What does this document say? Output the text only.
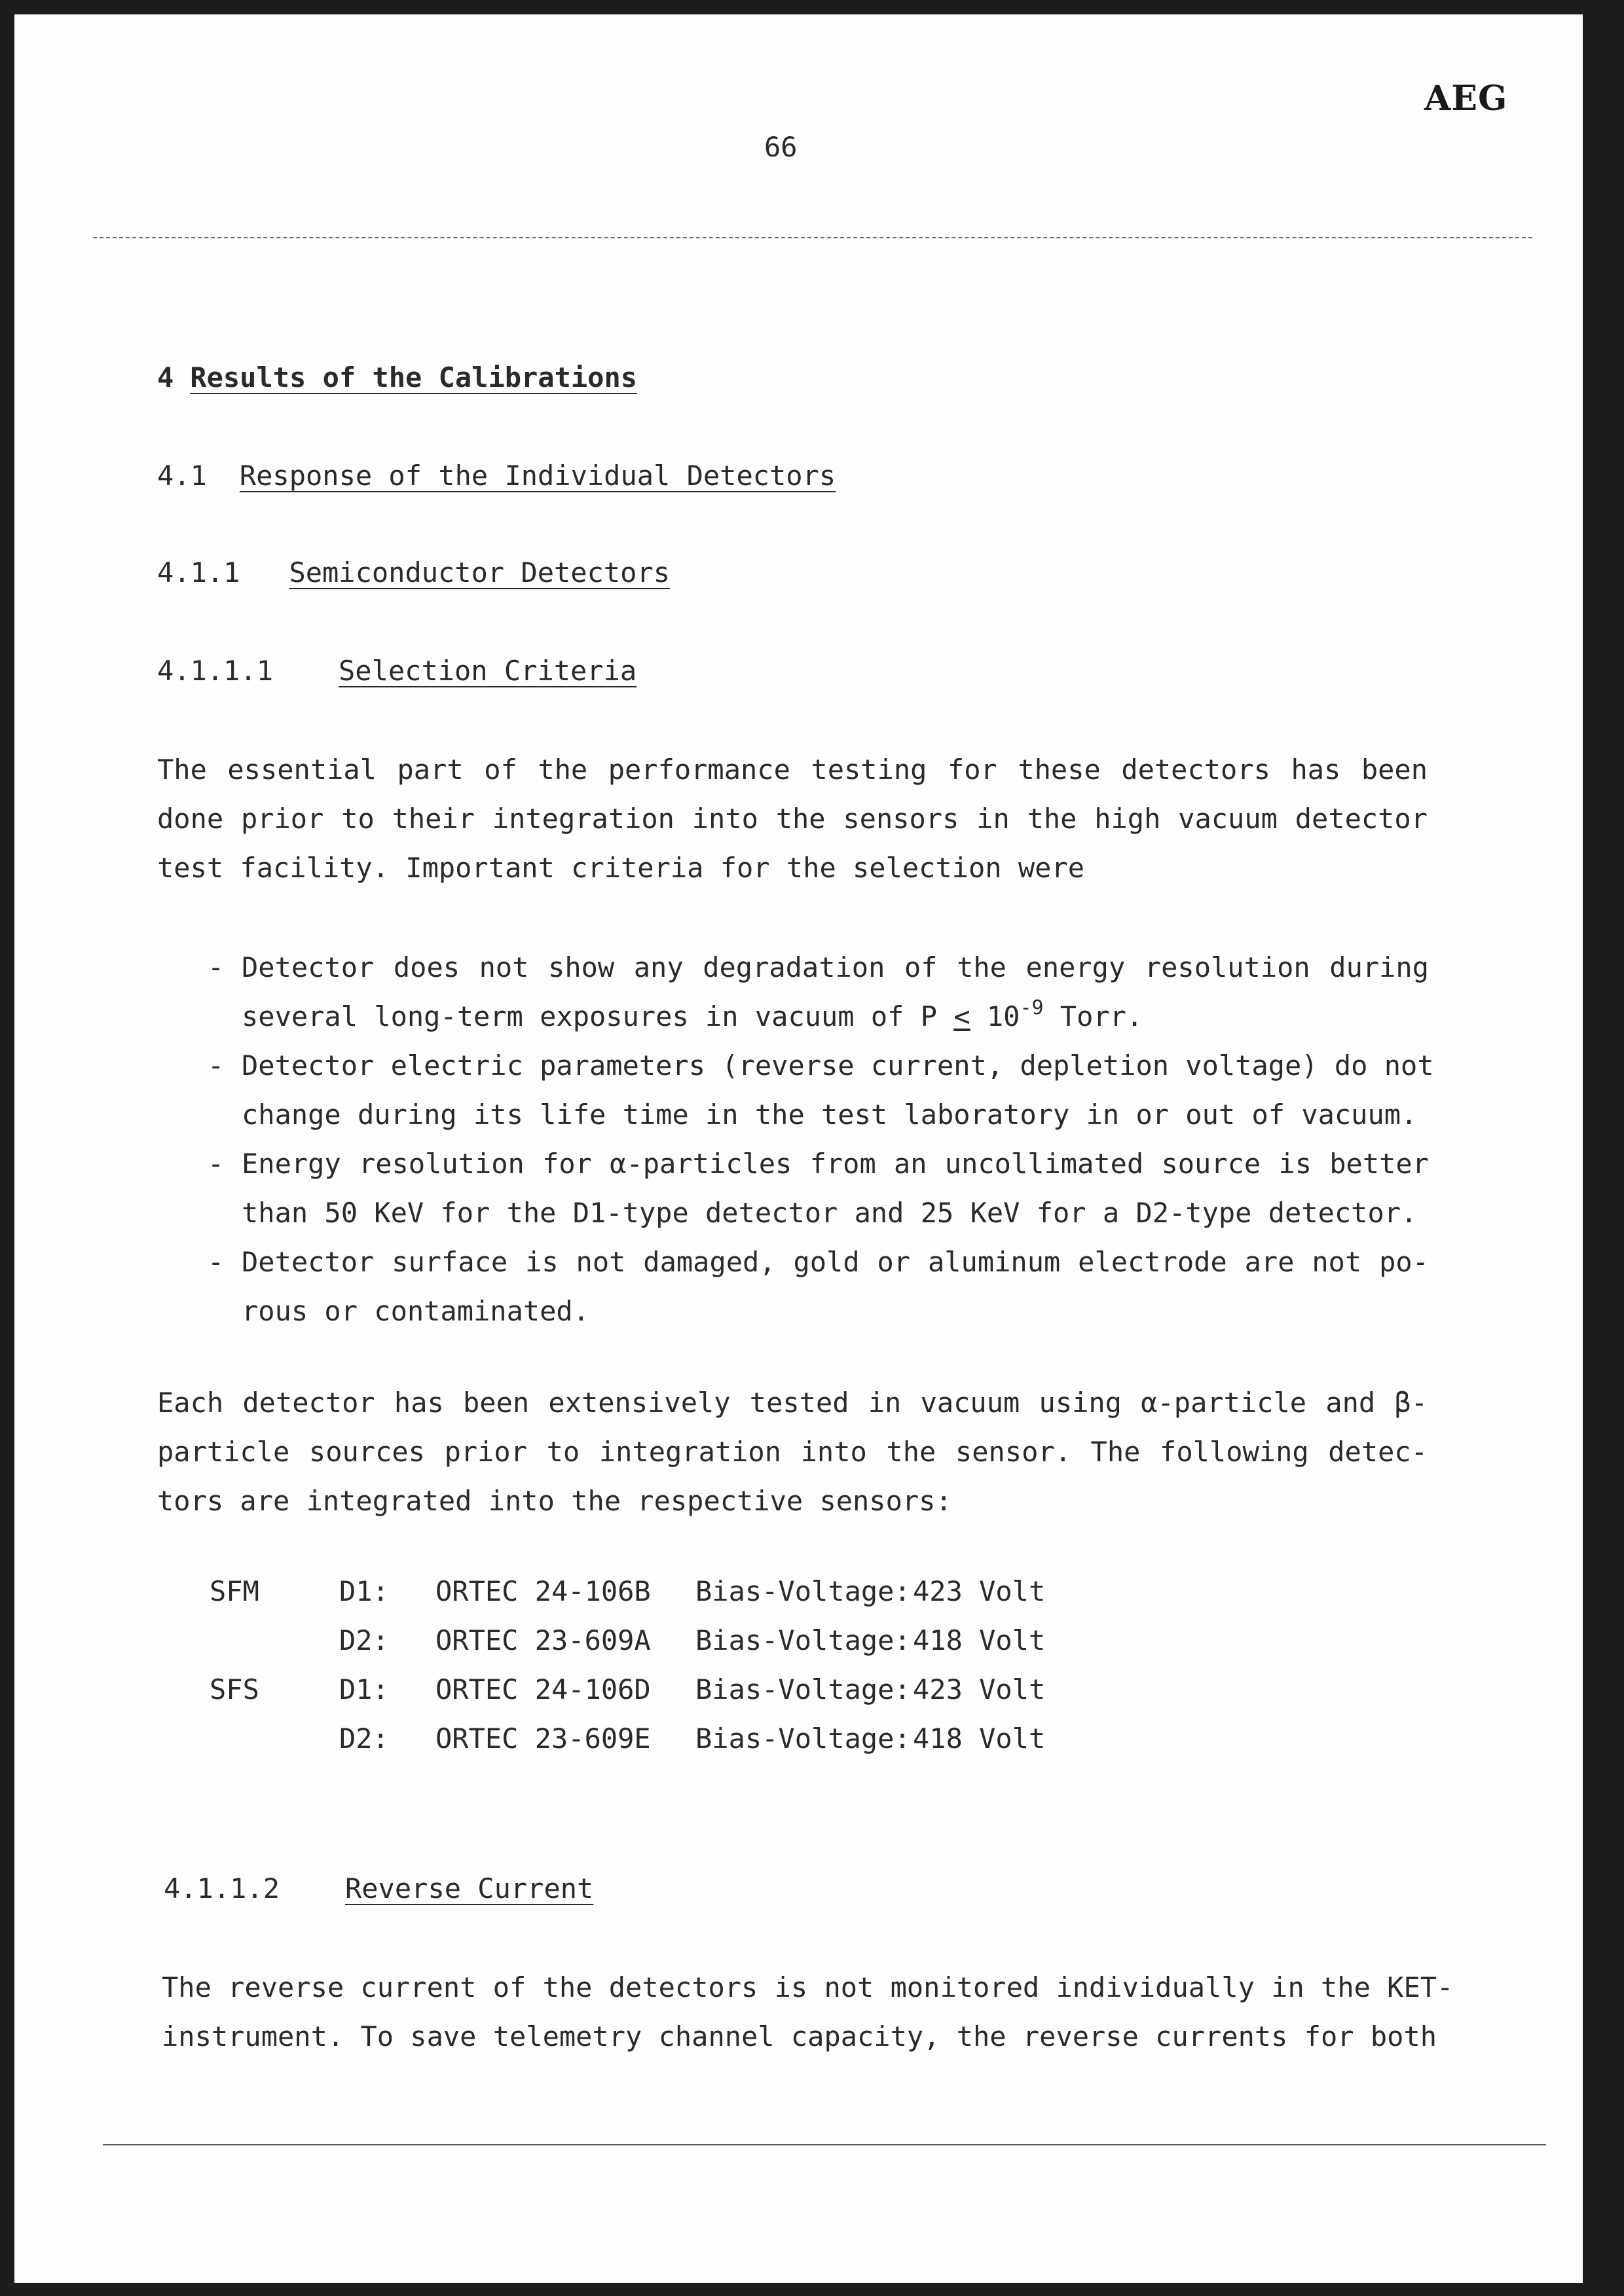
AEG
66
4 Results of the Calibrations
4.1 Response of the Individual Detectors
4.1.1 Semiconductor Detectors
4.1.1.1 Selection Criteria
The essential part of the performance testing for these detectors has been
done prior to their integration into the sensors in the high vacuum detector
test facility. Important criteria for the selection were
- Detector does not show any degradation of the energy resolution during
several long-term exposures in vacuum of $P \le 10^{-9}$ Torr.
- Detector electric parameters (reverse current, depletion voltage) do not
change during its life time in the test laboratory in or out of vacuum.
- Energy resolution for α-particles from an uncollimated source is better
than 50 KeV for the D1-type detector and 25 KeV for a D2-type detector.
- Detector surface is not damaged, gold or aluminum electrode are not po-
rous or contaminated.
Each detector has been extensively tested in vacuum using α-particle and β-
particle sources prior to integration into the sensor. The following detec-
tors are integrated into the respective sensors:
SFM	D1:	ORTEC 24-106B	Bias-Voltage:	423 Volt
	D2:	ORTEC 23-609A	Bias-Voltage:	418 Volt
SFS	D1:	ORTEC 24-106D	Bias-Voltage:	423 Volt
	D2:	ORTEC 23-609E	Bias-Voltage:	418 Volt
4.1.1.2 Reverse Current
The reverse current of the detectors is not monitored individually in the KET-
instrument. To save telemetry channel capacity, the reverse currents for both
